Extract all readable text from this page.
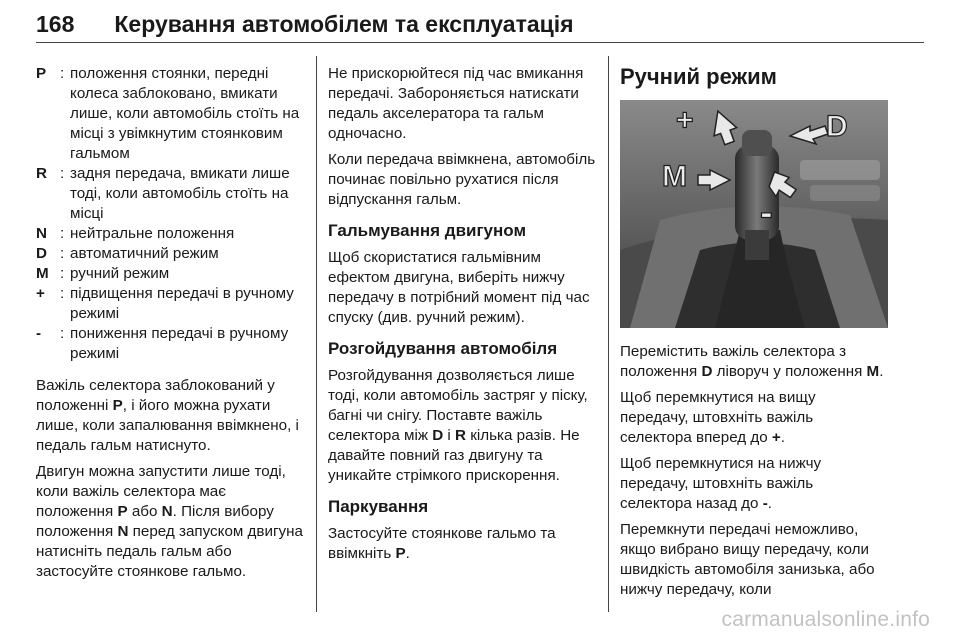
168 Керування автомобілем та експлуатація
P : положення стоянки, передні колеса заблоковано, вмикати лише, коли автомобіль стоїть на місці з увімкнутим стоянковим гальмом
R : задня передача, вмикати лише тоді, коли автомобіль стоїть на місці
N : нейтральне положення
D : автоматичний режим
M : ручний режим
+ : підвищення передачі в ручному режимі
-	: пониження передачі в ручному режимі

Важіль селектора заблокований у положенні P, і його можна рухати лише, коли запалювання ввімкнено, і педаль гальм натиснуто.

Двигун можна запустити лише тоді, коли важіль селектора має положення P або N. Після вибору положення N перед запуском двигуна натисніть педаль гальм або застосуйте стоянкове гальмо.

Не прискорюйтеся під час вмикання передачі. Забороняється натискати педаль акселератора та гальм одночасно.

Коли передача ввімкнена, автомобіль починає повільно рухатися після відпускання гальм.

Гальмування двигуном

Щоб скористатися гальмівним ефектом двигуна, виберіть нижчу передачу в потрібний момент під час спуску (див. ручний режим).

Розгойдування автомобіля

Розгойдування дозволяється лише тоді, коли автомобіль застряг у піску, багні чи снігу. Поставте важіль селектора між D і R кілька разів. Не давайте повний газ двигуну та уникайте стрімкого прискорення.

Паркування

Застосуйте стоянкове гальмо та ввімкніть P.

Ручний режим
+	D
M
-

Перемістить важіль селектора з положення D ліворуч у положення M.

Щоб перемкнутися на вищу передачу, штовхніть важіль селектора вперед до +.

Щоб перемкнутися на нижчу передачу, штовхніть важіль селектора назад до -.

Перемкнути передачі неможливо, якщо вибрано вищу передачу, коли швидкість автомобіля занизька, або нижчу передачу, коли

carmanualsonline.info
